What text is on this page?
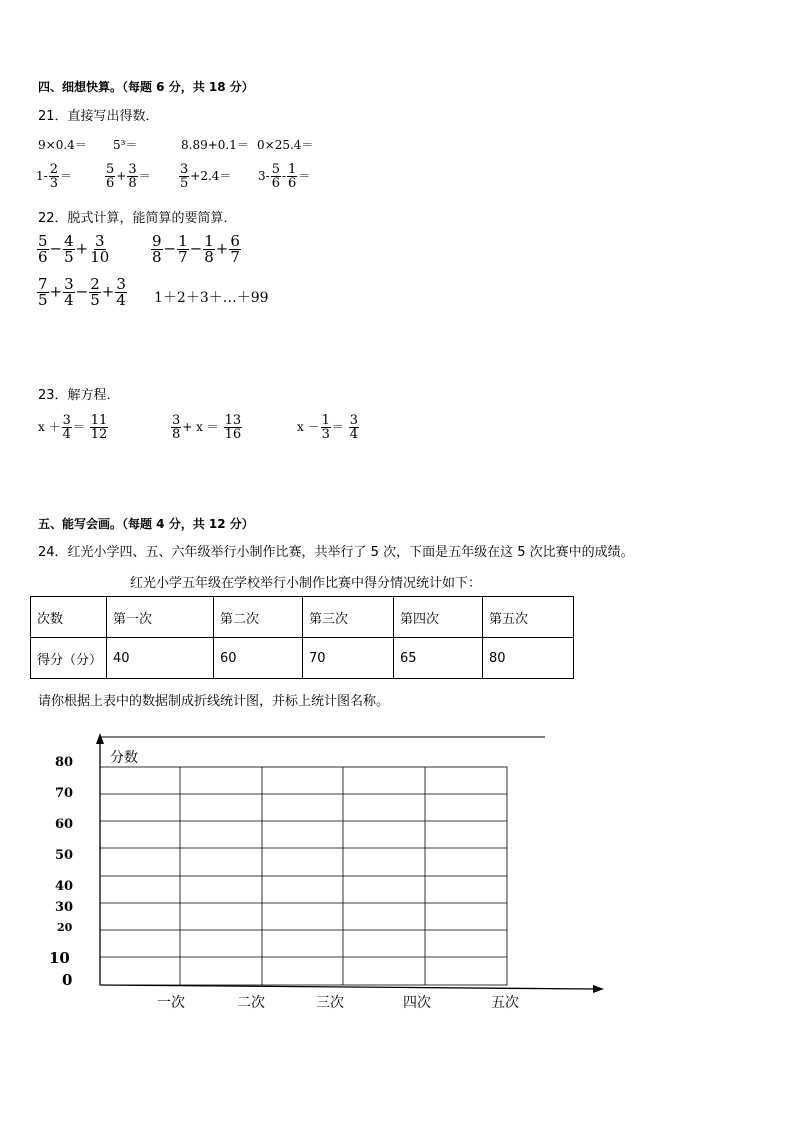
四、细想快算。（每题 6 分，共 18 分）
21．直接写出得数．
9×0.4＝ 5³＝	8.89+0.1＝ 0×25.4＝
$1- \frac{2}{3}$ ＝	$\frac{5}{6} + \frac{3}{8} = \frac{3}{5} +2.4= 3- \frac{5}{6} - \frac{1}{6}$ ＝
22．脱式计算，能简算的要简算．
$\frac{5}{6} - \frac{4}{5} + \frac{3}{10}$	$\frac{9}{8} - \frac{1}{7} - \frac{1}{8} + \frac{6}{7}$
$\frac{7}{5} + \frac{3}{4} - \frac{2}{5} + \frac{3}{4}$ 1＋2＋3＋…＋99
23．解方程．
$x + \frac{3}{4} = \frac{11}{12}$	$\frac{3}{8} + x = \frac{13}{16}$	$x - \frac{1}{3} = \frac{3}{4}$
五、能写会画。（每题 4 分，共 12 分）
24．红光小学四、五、六年级举行小制作比赛，共举行了 5 次，下面是五年级在这 5 次比赛中的成绩。
红光小学五年级在学校举行小制作比赛中得分情况统计如下：
次数	第一次	第二次	第三次	第四次	第五次
得分（分）	40	60	70	65	80
请你根据上表中的数据制成折线统计图，并标上统计图名称。
分数
80
70
60
50
40
30
20
10
0
一次	二次	三次	四次	五次
